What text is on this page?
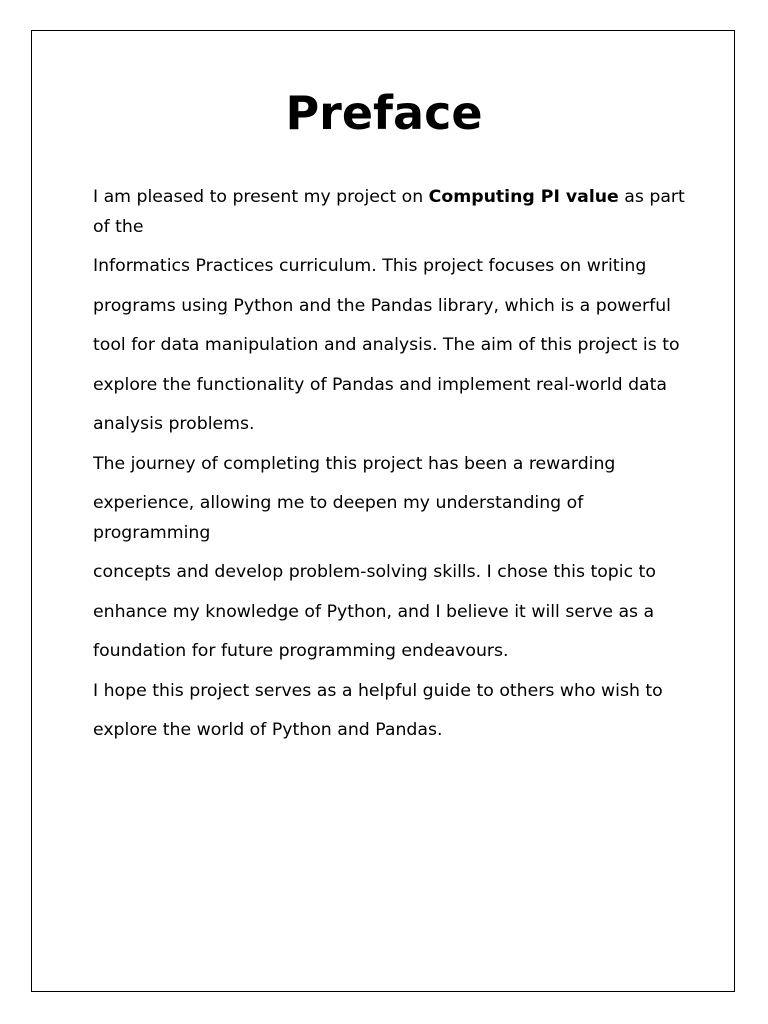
Preface

I am pleased to present my project on Computing PI value as part of the

Informatics Practices curriculum. This project focuses on writing

programs using Python and the Pandas library, which is a powerful

tool for data manipulation and analysis. The aim of this project is to

explore the functionality of Pandas and implement real-world data

analysis problems.

The journey of completing this project has been a rewarding

experience, allowing me to deepen my understanding of programming

concepts and develop problem-solving skills. I chose this topic to

enhance my knowledge of Python, and I believe it will serve as a

foundation for future programming endeavours.

I hope this project serves as a helpful guide to others who wish to

explore the world of Python and Pandas.
